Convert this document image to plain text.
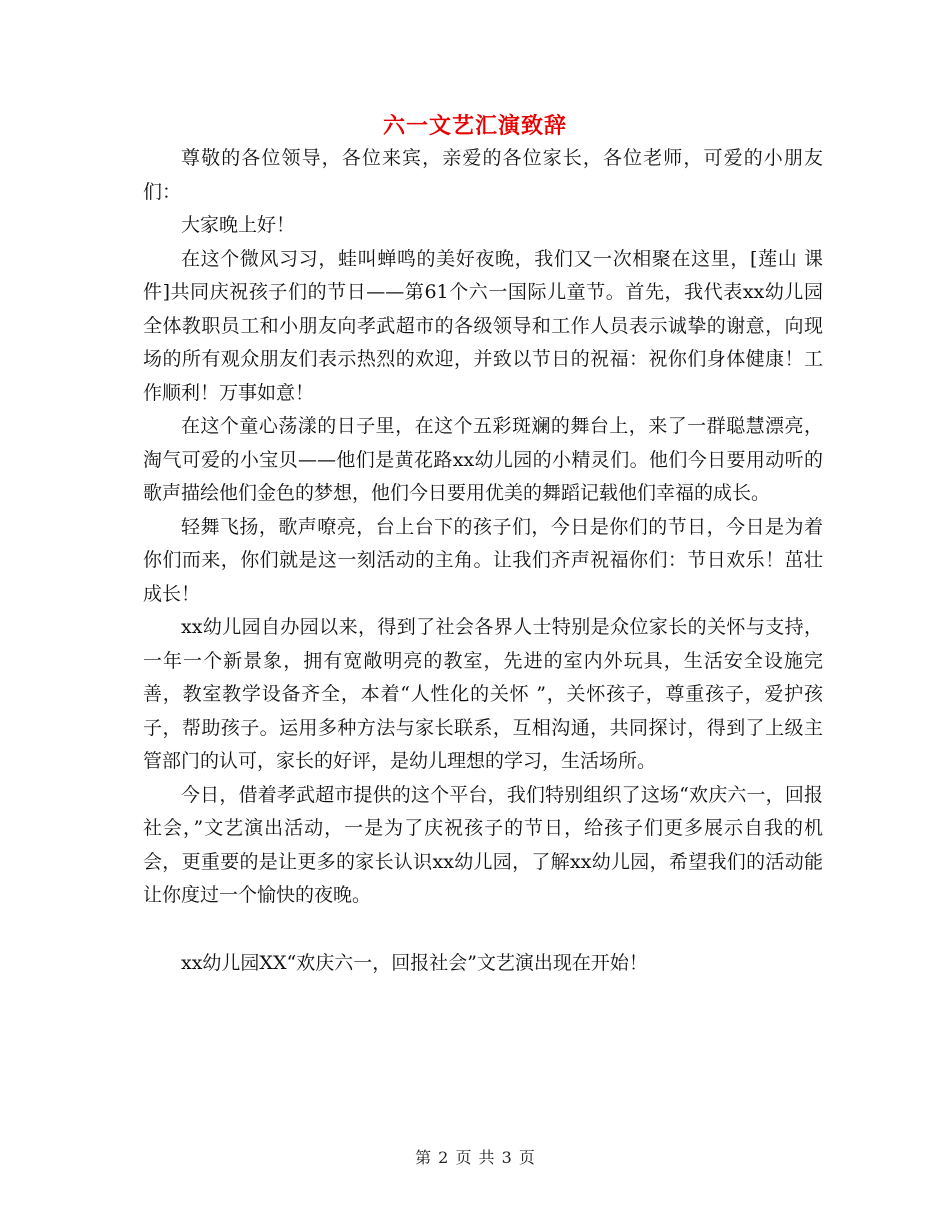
六一文艺汇演致辞

尊敬的各位领导，各位来宾，亲爱的各位家长，各位老师，可爱的小朋友们：

大家晚上好！

在这个微风习习，蛙叫蝉鸣的美好夜晚，我们又一次相聚在这里，[莲山 课件]共同庆祝孩子们的节日——第61个六一国际儿童节。首先，我代表xx幼儿园全体教职员工和小朋友向孝武超市的各级领导和工作人员表示诚挚的谢意，向现场的所有观众朋友们表示热烈的欢迎，并致以节日的祝福：祝你们身体健康！工作顺利！万事如意！

在这个童心荡漾的日子里，在这个五彩斑斓的舞台上，来了一群聪慧漂亮，淘气可爱的小宝贝——他们是黄花路xx幼儿园的小精灵们。他们今日要用动听的歌声描绘他们金色的梦想，他们今日要用优美的舞蹈记载他们幸福的成长。

轻舞飞扬，歌声嘹亮，台上台下的孩子们，今日是你们的节日，今日是为着你们而来，你们就是这一刻活动的主角。让我们齐声祝福你们：节日欢乐！茁壮成长！

xx幼儿园自办园以来，得到了社会各界人士特别是众位家长的关怀与支持，一年一个新景象，拥有宽敞明亮的教室，先进的室内外玩具，生活安全设施完善，教室教学设备齐全，本着“人性化的关怀 ”，关怀孩子，尊重孩子，爱护孩子，帮助孩子。运用多种方法与家长联系，互相沟通，共同探讨，得到了上级主管部门的认可，家长的好评，是幼儿理想的学习，生活场所。

今日，借着孝武超市提供的这个平台，我们特别组织了这场“欢庆六一，回报社会，”文艺演出活动，一是为了庆祝孩子的节日，给孩子们更多展示自我的机会，更重要的是让更多的家长认识xx幼儿园，了解xx幼儿园，希望我们的活动能让你度过一个愉快的夜晚。

xx幼儿园XX“欢庆六一，回报社会”文艺演出现在开始！

第 2 页 共 3 页
